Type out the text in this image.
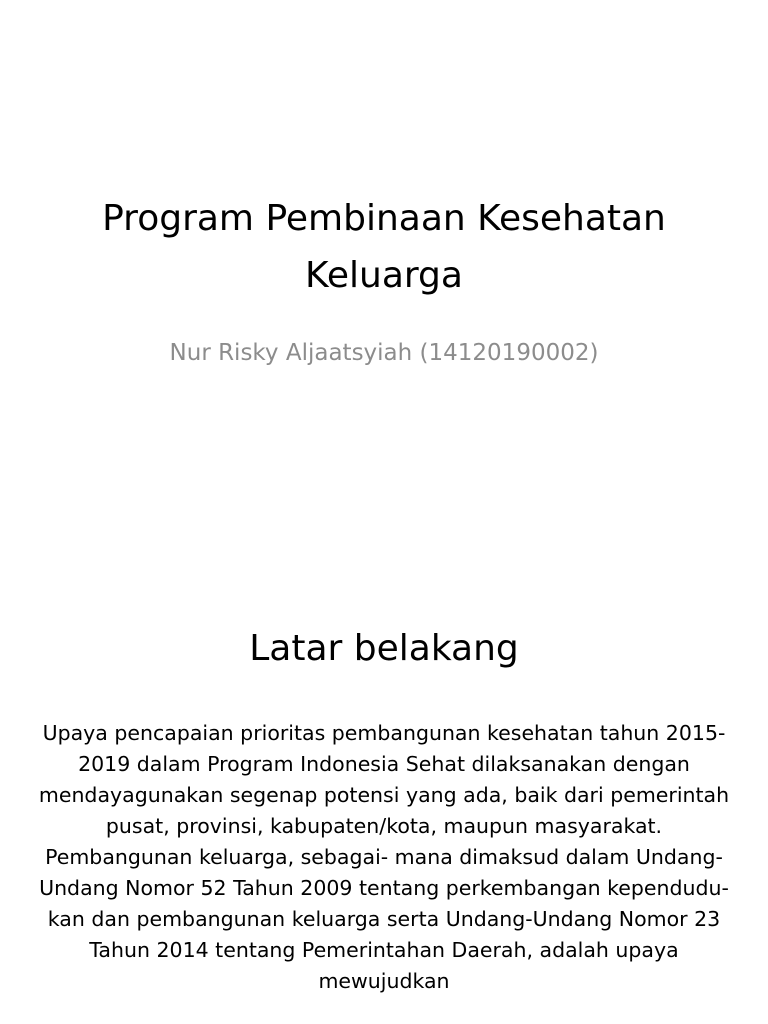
Program Pembinaan Kesehatan Keluarga

Nur Risky Aljaatsyiah (14120190002)

Latar belakang

Upaya pencapaian prioritas pembangunan kesehatan tahun 2015-2019 dalam Program Indonesia Sehat dilaksanakan dengan mendayagunakan segenap potensi yang ada, baik dari pemerintah pusat, provinsi, kabupaten/kota, maupun masyarakat. Pembangunan keluarga, sebagai- mana dimaksud dalam Undang- Undang Nomor 52 Tahun 2009 tentang perkembangan kependudu- kan dan pembangunan keluarga serta Undang-Undang Nomor 23 Tahun 2014 tentang Pemerintahan Daerah, adalah upaya mewujudkan
